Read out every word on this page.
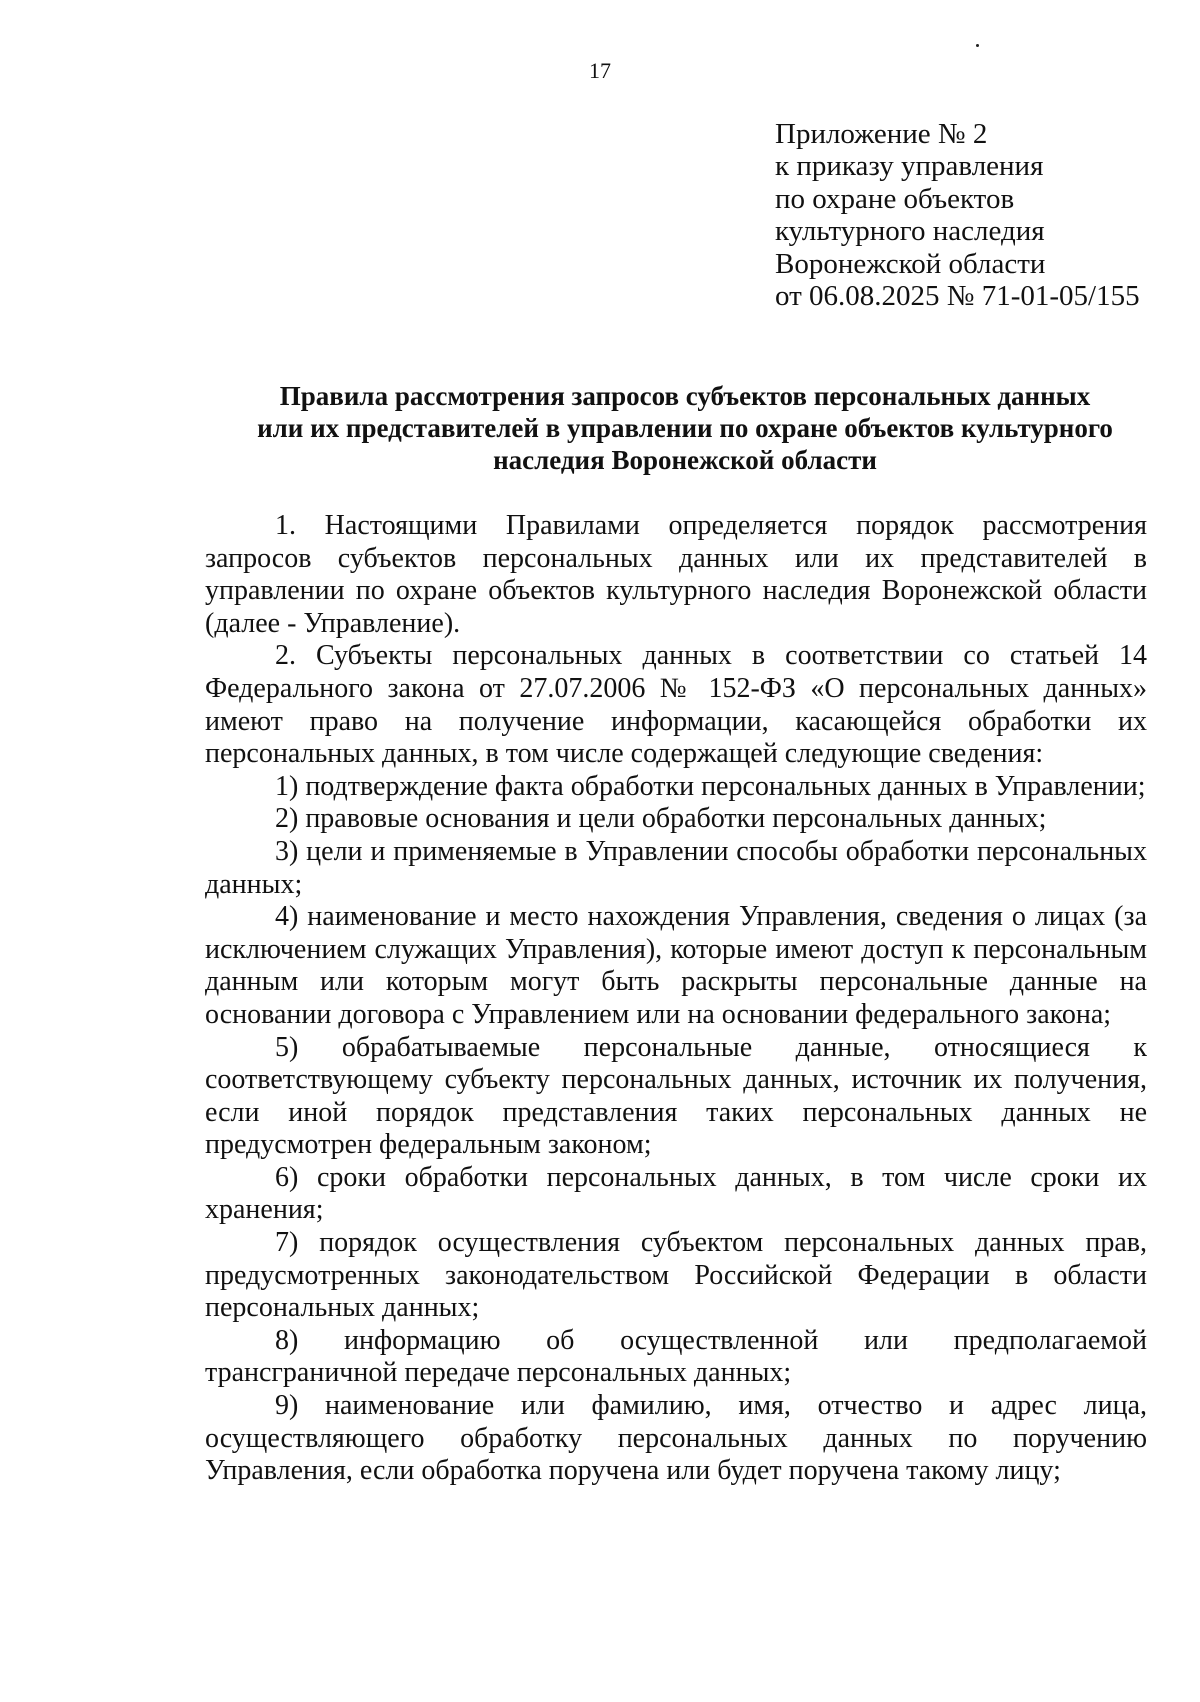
17
Приложение № 2
к приказу управления
по охране объектов
культурного наследия
Воронежской области
от 06.08.2025 № 71-01-05/155
Правила рассмотрения запросов субъектов персональных данных
или их представителей в управлении по охране объектов культурного
наследия Воронежской области

1. Настоящими Правилами определяется порядок рассмотрения запросов субъектов персональных данных или их представителей в управлении по охране объектов культурного наследия Воронежской области (далее - Управление).

2. Субъекты персональных данных в соответствии со статьей 14 Федерального закона от 27.07.2006 № 152-ФЗ «О персональных данных» имеют право на получение информации, касающейся обработки их персональных данных, в том числе содержащей следующие сведения:

1) подтверждение факта обработки персональных данных в Управлении;

2) правовые основания и цели обработки персональных данных;

3) цели и применяемые в Управлении способы обработки персональных данных;

4) наименование и место нахождения Управления, сведения о лицах (за исключением служащих Управления), которые имеют доступ к персональным данным или которым могут быть раскрыты персональные данные на основании договора с Управлением или на основании федерального закона;

5) обрабатываемые персональные данные, относящиеся к соответствующему субъекту персональных данных, источник их получения, если иной порядок представления таких персональных данных не предусмотрен федеральным законом;

6) сроки обработки персональных данных, в том числе сроки их хранения;

7) порядок осуществления субъектом персональных данных прав, предусмотренных законодательством Российской Федерации в области персональных данных;

8) информацию об осуществленной или предполагаемой трансграничной передаче персональных данных;

9) наименование или фамилию, имя, отчество и адрес лица, осуществляющего обработку персональных данных по поручению Управления, если обработка поручена или будет поручена такому лицу;
